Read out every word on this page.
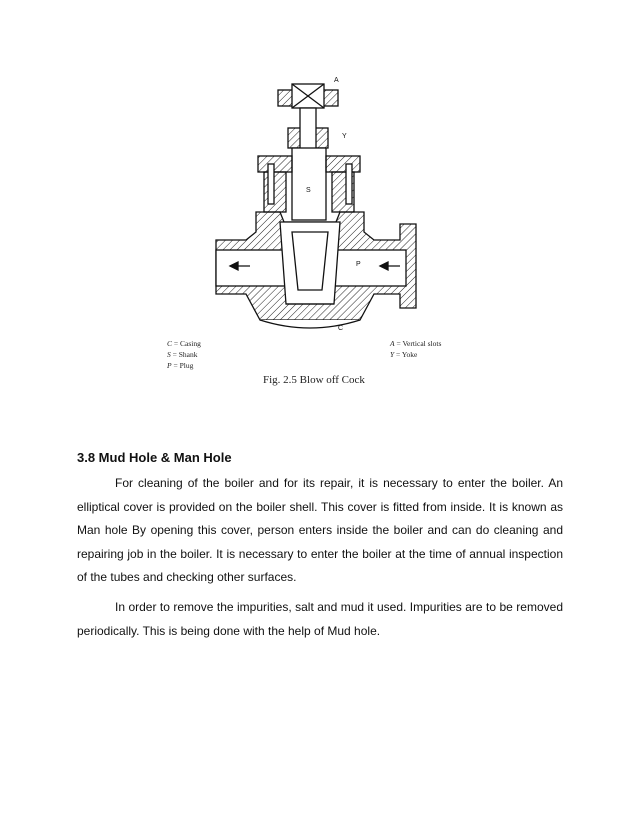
A
Y
S
P
C
C = Casing
S = Shank
P = Plug
A = Vertical slots
Y = Yoke
Fig. 2.5 Blow off Cock
3.8 Mud Hole & Man Hole
For cleaning of the boiler and for its repair, it is necessary to enter the boiler. An elliptical cover is provided on the boiler shell. This cover is fitted from inside. It is known as Man hole By opening this cover, person enters inside the boiler and can do cleaning and repairing job in the boiler. It is necessary to enter the boiler at the time of annual inspection of the tubes and checking other surfaces.
In order to remove the impurities, salt and mud it used. Impurities are to be removed periodically. This is being done with the help of Mud hole.
